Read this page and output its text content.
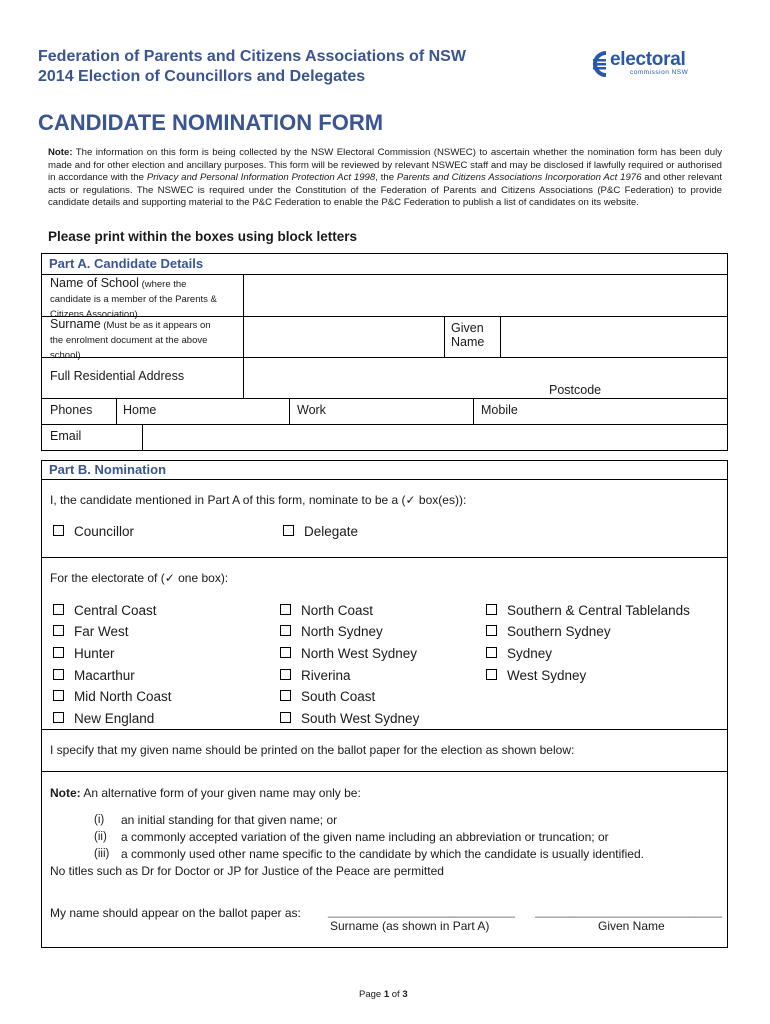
Federation of Parents and Citizens Associations of NSW
2014 Election of Councillors and Delegates
electoral
commission NSW
CANDIDATE NOMINATION FORM
Note: The information on this form is being collected by the NSW Electoral Commission (NSWEC) to ascertain whether the nomination form has been duly made and for other election and ancillary purposes. This form will be reviewed by relevant NSWEC staff and may be disclosed if lawfully required or authorised in accordance with the Privacy and Personal Information Protection Act 1998, the Parents and Citizens Associations Incorporation Act 1976 and other relevant acts or regulations. The NSWEC is required under the Constitution of the Federation of Parents and Citizens Associations (P&C Federation) to provide candidate details and supporting material to the P&C Federation to enable the P&C Federation to publish a list of candidates on its website.
Please print within the boxes using block letters
Part A. Candidate Details
Name of School (where the
candidate is a member of the Parents &
Citizens Association)
Surname (Must be as it appears on
the enrolment document at the above
school)
Given
Name
Full Residential Address
Postcode
Phones Home	Work	Mobile
Email
Part B. Nomination
I, the candidate mentioned in Part A of this form, nominate to be a (✓ box(es)):
Councillor	Delegate
For the electorate of (✓ one box):
Central Coast
Far West
Hunter
Macarthur
Mid North Coast
New England
North Coast
North Sydney
North West Sydney
Riverina
South Coast
South West Sydney
Southern & Central Tablelands
Southern Sydney
Sydney
West Sydney
I specify that my given name should be printed on the ballot paper for the election as shown below:
Note: An alternative form of your given name may only be:
(i) an initial standing for that given name; or
(ii) a commonly accepted variation of the given name including an abbreviation or truncation; or
(iii) a commonly used other name specific to the candidate by which the candidate is usually identified.
No titles such as Dr for Doctor or JP for Justice of the Peace are permitted
My name should appear on the ballot paper as: ____________________________ ____________________________
Surname (as shown in Part A)	Given Name
Page 1 of 3
